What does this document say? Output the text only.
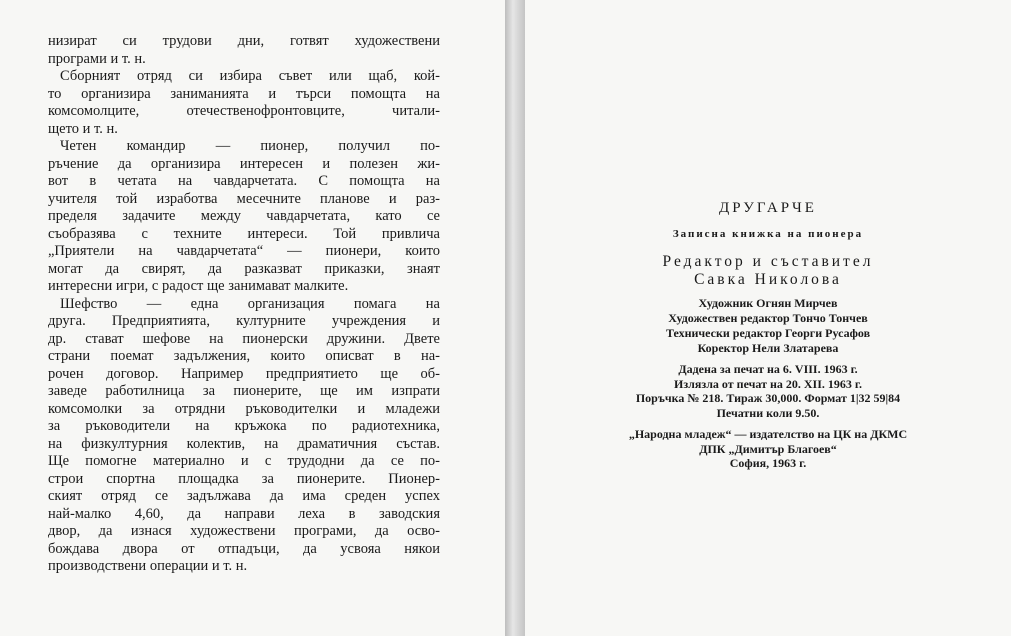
низират си трудови дни, готвят художествени
програми и т. н.
Сборният отряд си избира съвет или щаб, кой-
то организира заниманията и търси помощта на
комсомолците, отечественофронтовците, читали-
щето и т. н.
Четен командир — пионер, получил по-
ръчение да организира интересен и полезен жи-
вот в четата на чавдарчетата. С помощта на
учителя той изработва месечните планове и раз-
пределя задачите между чавдарчетата, като се
съобразява с техните интереси. Той привлича
„Приятели на чавдарчетата“ — пионери, които
могат да свирят, да разказват приказки, знаят
интересни игри, с радост ще занимават малките.
Шефство — една организация помага на
друга. Предприятията, културните учреждения и
др. стават шефове на пионерски дружини. Двете
страни поемат задължения, които описват в на-
рочен договор. Например предприятието ще об-
заведе работилница за пионерите, ще им изпрати
комсомолки за отрядни ръководителки и младежи
за ръководители на кръжока по радиотехника,
на физкултурния колектив, на драматичния състав.
Ще помогне материално и с трудодни да се по-
строи спортна площадка за пионерите. Пионер-
ският отряд се задължава да има среден успех
най-малко 4,60, да направи леха в заводския
двор, да изнася художествени програми, да осво-
бождава двора от отпадъци, да усвояа някои
производствени операции и т. н.
ДРУГАРЧЕ
Записна книжка на пионера
Редактор и съставител
Савка Николова
Художник Огнян Мирчев
Художествен редактор Тончо Тончев
Технически редактор Георги Русафов
Коректор Нели Златарева
Дадена за печат на 6. VIII. 1963 г.
Излязла от печат на 20. XII. 1963 г.
Поръчка № 218. Тираж 30,000. Формат 1|32 59|84
Печатни коли 9.50.
„Народна младеж“ — издателство на ЦК на ДКМС
ДПК „Димитър Благоев“
София, 1963 г.
